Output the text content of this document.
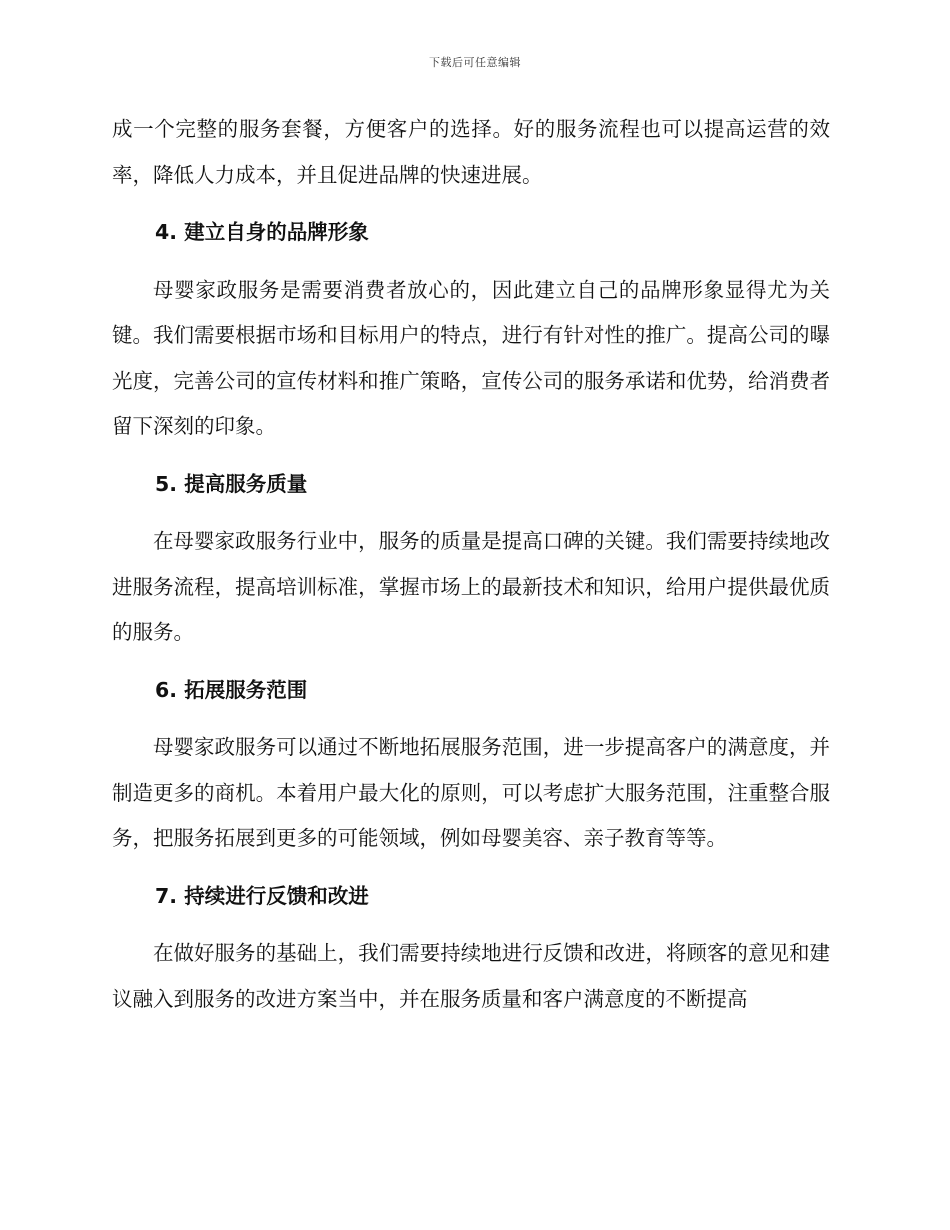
下载后可任意编辑

成一个完整的服务套餐，方便客户的选择。好的服务流程也可以提高运营的效率，降低人力成本，并且促进品牌的快速进展。

4. 建立自身的品牌形象

母婴家政服务是需要消费者放心的，因此建立自己的品牌形象显得尤为关键。我们需要根据市场和目标用户的特点，进行有针对性的推广。提高公司的曝光度，完善公司的宣传材料和推广策略，宣传公司的服务承诺和优势，给消费者留下深刻的印象。

5. 提高服务质量

在母婴家政服务行业中，服务的质量是提高口碑的关键。我们需要持续地改进服务流程，提高培训标准，掌握市场上的最新技术和知识，给用户提供最优质的服务。

6. 拓展服务范围

母婴家政服务可以通过不断地拓展服务范围，进一步提高客户的满意度，并制造更多的商机。本着用户最大化的原则，可以考虑扩大服务范围，注重整合服务，把服务拓展到更多的可能领域，例如母婴美容、亲子教育等等。

7. 持续进行反馈和改进

在做好服务的基础上，我们需要持续地进行反馈和改进，将顾客的意见和建议融入到服务的改进方案当中，并在服务质量和客户满意度的不断提高
